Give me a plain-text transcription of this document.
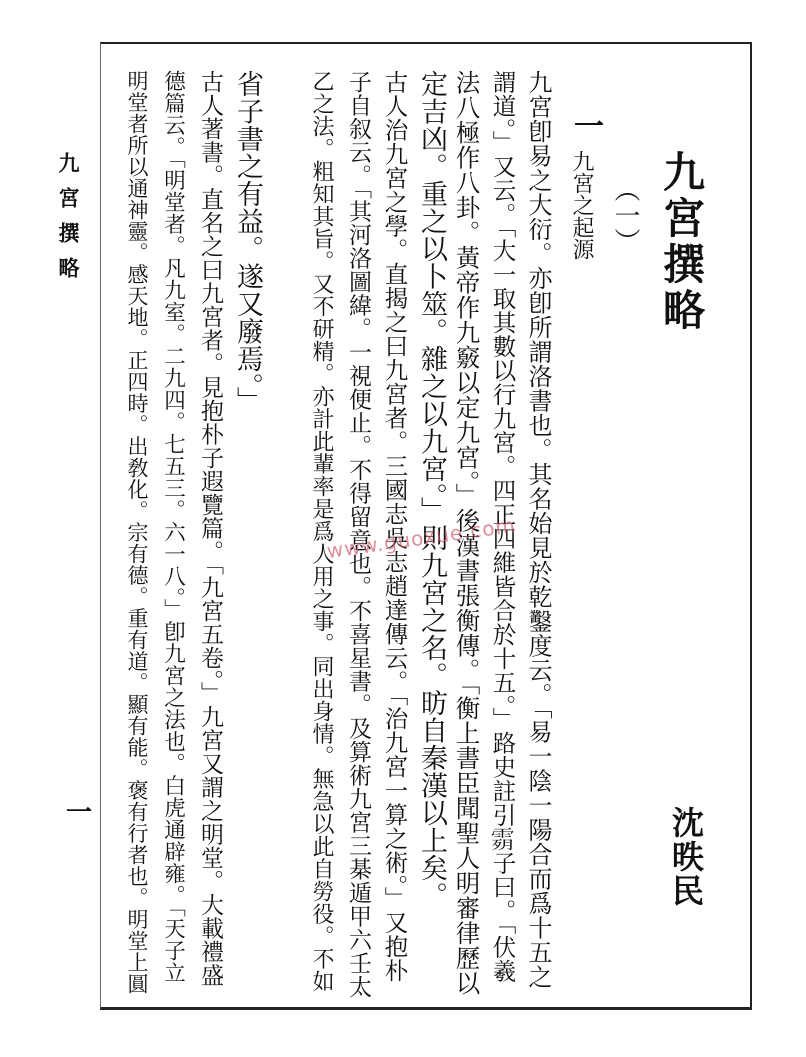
九宮撰略
一
九宮撰略
沈昳民
（一）
一
九宮之起源
九宮卽易之大衍。亦卽所謂洛書也。其名始見於乾鑿度云。「易一陰一陽合而爲十五之
謂道。」又云。「大一取其數以行九宮。四正四維皆合於十五。」路史註引𩃴子曰。「伏羲
法八極作八卦。黃帝作九竅以定九宮。」後漢書張衡傳。「衡上書臣聞聖人明審律歷以
定吉凶。重之以卜筮。雜之以九宮。」則九宮之名。昉自秦漢以上矣。
古人治九宮之學。直揭之曰九宮者。三國志吳志趙達傳云。「治九宮一算之術。」又抱朴
子自叙云。「其河洛圖緯。一視便止。不得留意也。不喜星書。及算術九宮三棊遁甲六壬太
乙之法。粗知其旨。又不研精。亦計此輩率是爲人用之事。同出身情。無急以此自勞役。不如
省子書之有益。遂又廢焉。」
古人著書。直名之曰九宮者。見抱朴子遐覽篇。「九宮五卷。」九宮又謂之明堂。大載禮盛
德篇云。「明堂者。凡九室。二九四。七五三。六一八。」卽九宮之法也。白虎通辟雍。「天子立
明堂者所以通神靈。感天地。正四時。出敎化。宗有德。重有道。顯有能。褒有行者也。明堂上圓	www.guoxue.com
